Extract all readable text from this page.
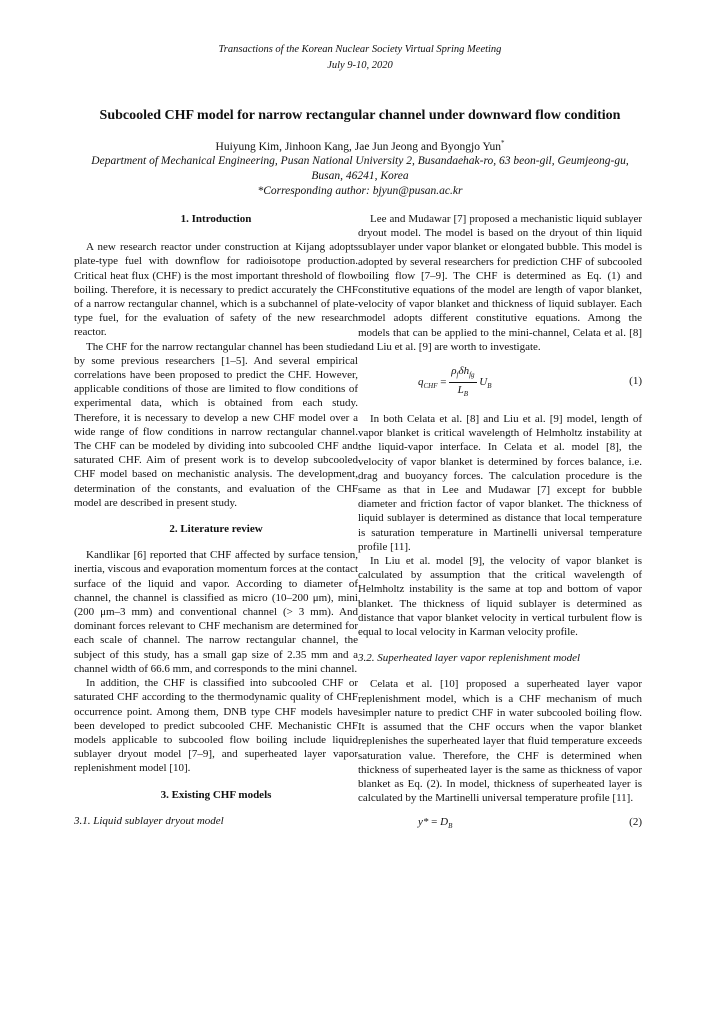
Transactions of the Korean Nuclear Society Virtual Spring Meeting
July 9-10, 2020
Subcooled CHF model for narrow rectangular channel under downward flow condition
Huiyung Kim, Jinhoon Kang, Jae Jun Jeong and Byongjo Yun*
Department of Mechanical Engineering, Pusan National University 2, Busandaehak-ro, 63 beon-gil, Geumjeong-gu,
Busan, 46241, Korea
*Corresponding author: bjyun@pusan.ac.kr

1. Introduction

A new research reactor under construction at Kijang adopts plate-type fuel with downflow for radioisotope production. Critical heat flux (CHF) is the most important threshold of flow boiling. Therefore, it is necessary to predict accurately the CHF of a narrow rectangular channel, which is a subchannel of plate-type fuel, for the evaluation of safety of the new research reactor.

The CHF for the narrow rectangular channel has been studied by some previous researchers [1–5]. And several empirical correlations have been proposed to predict the CHF. However, applicable conditions of those are limited to flow conditions of experimental data, which is obtained from each study. Therefore, it is necessary to develop a new CHF model over a wide range of flow conditions in narrow rectangular channel. The CHF can be modeled by dividing into subcooled CHF and saturated CHF. Aim of present work is to develop subcooled CHF model based on mechanistic analysis. The development, determination of the constants, and evaluation of the CHF model are described in present study.

2. Literature review

Kandlikar [6] reported that CHF affected by surface tension, inertia, viscous and evaporation momentum forces at the contact surface of the liquid and vapor. According to diameter of channel, the channel is classified as micro (10–200 μm), mini (200 μm–3 mm) and conventional channel (> 3 mm). And dominant forces relevant to CHF mechanism are determined for each scale of channel. The narrow rectangular channel, the subject of this study, has a small gap size of 2.35 mm and a channel width of 66.6 mm, and corresponds to the mini channel.

In addition, the CHF is classified into subcooled CHF or saturated CHF according to the thermodynamic quality of CHF occurrence point. Among them, DNB type CHF models have been developed to predict subcooled CHF. Mechanistic CHF models applicable to subcooled flow boiling include liquid sublayer dryout model [7–9], and superheated layer vapor replenishment model [10].

3. Existing CHF models

3.1. Liquid sublayer dryout model

Lee and Mudawar [7] proposed a mechanistic liquid sublayer dryout model. The model is based on the dryout of thin liquid sublayer under vapor blanket or elongated bubble. This model is adopted by several researchers for prediction CHF of subcooled boiling flow [7–9]. The CHF is determined as Eq. (1) and constitutive equations of the model are length of vapor blanket, velocity of vapor blanket and thickness of liquid sublayer. Each model adopts different constitutive equations. Among the models that can be applied to the mini-channel, Celata et al. [8] and Liu et al. [9] are worth to investigate.

$q_{CHF} = \frac{\rho_f\delta h_{fg}}{L_B} U_B$	(1)

In both Celata et al. [8] and Liu et al. [9] model, length of vapor blanket is critical wavelength of Helmholtz instability at the liquid-vapor interface. In Celata et al. model [8], the velocity of vapor blanket is determined by forces balance, i.e. drag and buoyancy forces. The calculation procedure is the same as that in Lee and Mudawar [7] except for bubble diameter and friction factor of vapor blanket. The thickness of liquid sublayer is determined as distance that local temperature is saturation temperature in Martinelli universal temperature profile [11].

In Liu et al. model [9], the velocity of vapor blanket is calculated by assumption that the critical wavelength of Helmholtz instability is the same at top and bottom of vapor blanket. The thickness of liquid sublayer is determined as distance that vapor blanket velocity in vertical turbulent flow is equal to local velocity in Karman velocity profile.

3.2. Superheated layer vapor replenishment model

Celata et al. [10] proposed a superheated layer vapor replenishment model, which is a CHF mechanism of much simpler nature to predict CHF in water subcooled boiling flow. It is assumed that the CHF occurs when the vapor blanket replenishes the superheated layer that fluid temperature exceeds saturation value. Therefore, the CHF is determined when thickness of superheated layer is the same as thickness of vapor blanket as Eq. (2). In model, thickness of superheated layer is calculated by the Martinelli universal temperature profile [11].

$y* = D_B$	(2)
